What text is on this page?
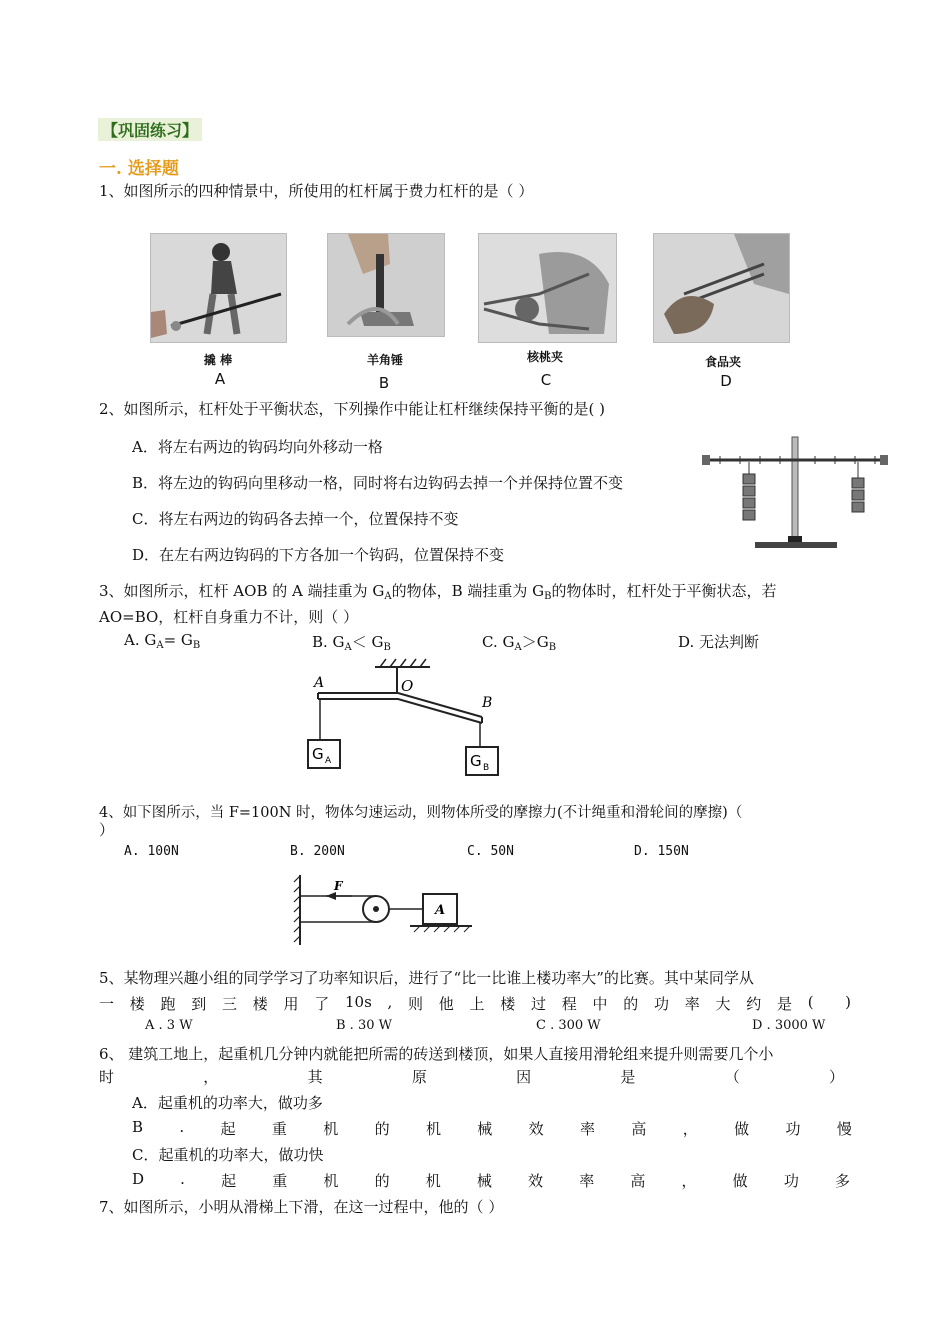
【巩固练习】
一. 选择题
1、如图所示的四种情景中，所使用的杠杆属于费力杠杆的是（ ）
撬 棒	羊角锤	核桃夹	食品夹
A	B	C	D
2、如图所示，杠杆处于平衡状态，下列操作中能让杠杆继续保持平衡的是( )
A．将左右两边的钩码均向外移动一格
B．将左边的钩码向里移动一格，同时将右边钩码去掉一个并保持位置不变
C．将左右两边的钩码各去掉一个，位置保持不变
D．在左右两边钩码的下方各加一个钩码，位置保持不变
3、如图所示，杠杆 AOB 的 A 端挂重为 $G_A$的物体，B 端挂重为 $G_B$的物体时，杠杆处于平衡状态，若
AO=BO，杠杆自身重力不计，则（ ）
A. $G_A= G_B$	B. $G_A< G_B$	C. $G_A>G_B$	D. 无法判断
A	O
B
G A	G B
4、如下图所示，当 F=100N 时，物体匀速运动，则物体所受的摩擦力(不计绳重和滑轮间的摩擦)（
）
A. 100N	B. 200N	C. 50N	D. 150N
F
A
5、某物理兴趣小组的同学学习了功率知识后，进行了“比一比谁上楼功率大”的比赛。其中某同学从
一 楼 跑 到 三 楼 用 了 10s , 则 他 上 楼 过 程 中 的 功 率 大 约 是 ( )
A . 3 W	B . 30 W	C . 300 W	D . 3000 W
6、 建筑工地上，起重机几分钟内就能把所需的砖送到楼顶，如果人直接用滑轮组来提升则需要几个小
时	，	其	原	因	是	（	）
A．起重机的功率大，做功多
B . 起 重 机 的 机 械 效 率 高 ， 做 功 慢
C．起重机的功率大，做功快
D . 起 重 机 的 机 械 效 率 高 ， 做 功 多
7、如图所示，小明从滑梯上下滑，在这一过程中，他的（ ）
